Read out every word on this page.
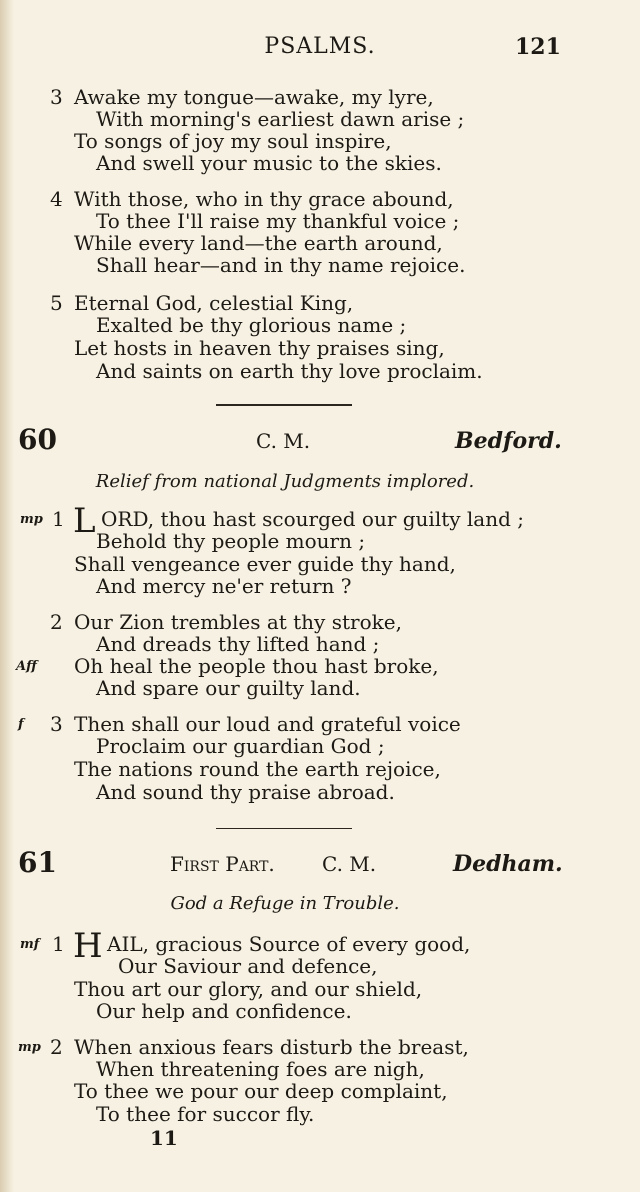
PSALMS.	121
3 Awake my tongue—awake, my lyre,
With morning's earliest dawn arise ;
To songs of joy my soul inspire,
And swell your music to the skies.
4 With those, who in thy grace abound,
To thee I'll raise my thankful voice ;
While every land—the earth around,
Shall hear—and in thy name rejoice.
5 Eternal God, celestial King,
Exalted be thy glorious name ;
Let hosts in heaven thy praises sing,
And saints on earth thy love proclaim.
60	C. M.	Bedford.
Relief from national Judgments implored.
mp 1 L ORD, thou hast scourged our guilty land ;
Behold thy people mourn ;
Shall vengeance ever guide thy hand,
And mercy ne'er return ?
2 Our Zion trembles at thy stroke,
And dreads thy lifted hand ;
Aff Oh heal the people thou hast broke,
And spare our guilty land.
f 3 Then shall our loud and grateful voice
Proclaim our guardian God ;
The nations round the earth rejoice,
And sound thy praise abroad.
61	First Part. C. M.	Dedham.
God a Refuge in Trouble.
mf 1 H AIL, gracious Source of every good,
Our Saviour and defence,
Thou art our glory, and our shield,
Our help and confidence.
mp 2 When anxious fears disturb the breast,
When threatening foes are nigh,
To thee we pour our deep complaint,
To thee for succor fly.
11
